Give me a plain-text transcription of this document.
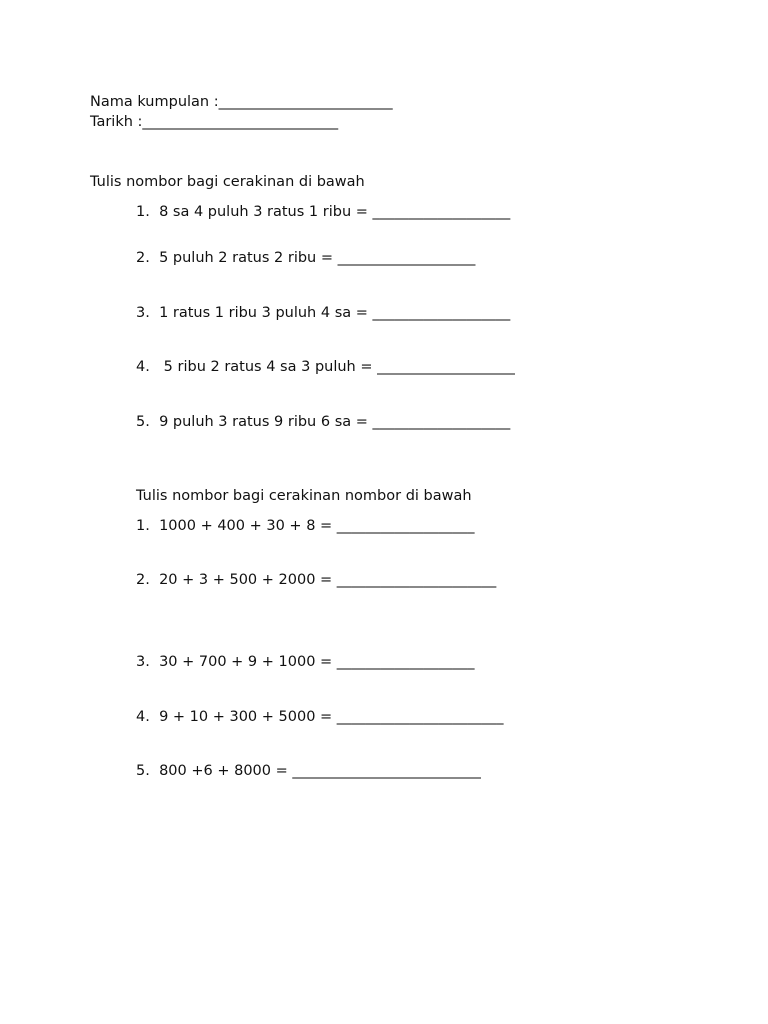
Nama kumpulan :________________________
Tarikh :___________________________
Tulis nombor bagi cerakinan di bawah
1. 8 sa 4 puluh 3 ratus 1 ribu = ___________________
2. 5 puluh 2 ratus 2 ribu = ___________________
3. 1 ratus 1 ribu 3 puluh 4 sa = ___________________
4.   5 ribu 2 ratus 4 sa 3 puluh = ___________________
5. 9 puluh 3 ratus 9 ribu 6 sa = ___________________
Tulis nombor bagi cerakinan nombor di bawah
1. 1000 + 400 + 30 + 8 = ___________________
2. 20 + 3 + 500 + 2000 = ______________________
3. 30 + 700 + 9 + 1000 = ___________________
4. 9 + 10 + 300 + 5000 = _______________________
5. 800 +6 + 8000 = __________________________
